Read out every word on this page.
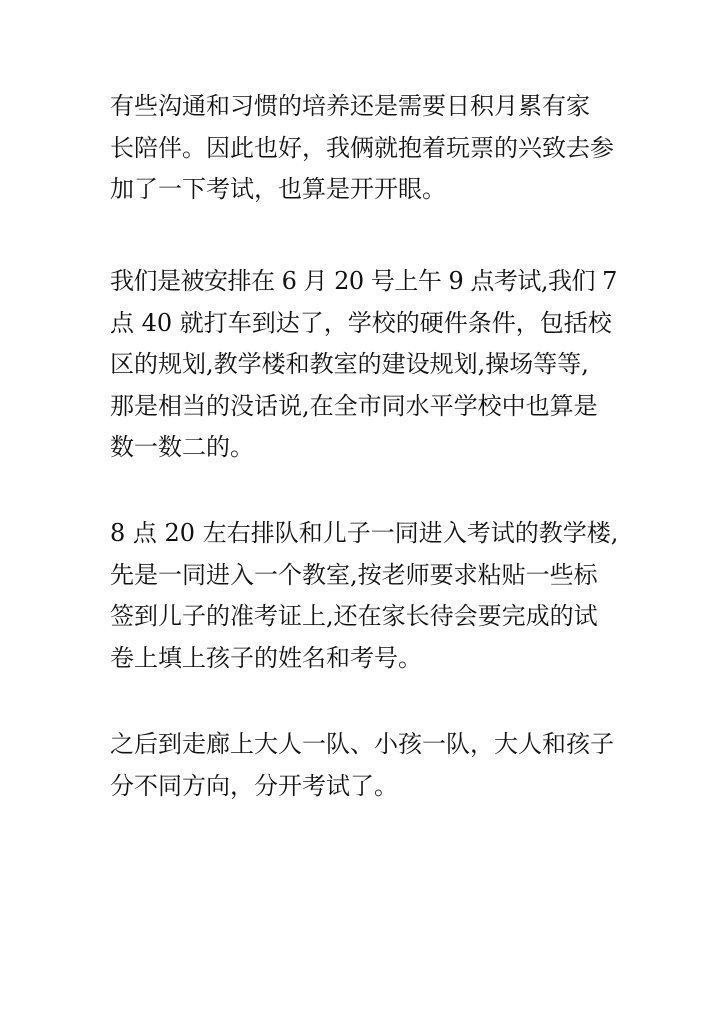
有些沟通和习惯的培养还是需要日积月累有家
长陪伴。因此也好，我俩就抱着玩票的兴致去参
加了一下考试，也算是开开眼。

我们是被安排在 6 月 20 号上午 9 点考试,我们 7
点 40 就打车到达了，学校的硬件条件，包括校
区的规划,教学楼和教室的建设规划,操场等等,
那是相当的没话说,在全市同水平学校中也算是
数一数二的。

8 点 20 左右排队和儿子一同进入考试的教学楼,
先是一同进入一个教室,按老师要求粘贴一些标
签到儿子的准考证上,还在家长待会要完成的试
卷上填上孩子的姓名和考号。

之后到走廊上大人一队、小孩一队，大人和孩子
分不同方向，分开考试了。
